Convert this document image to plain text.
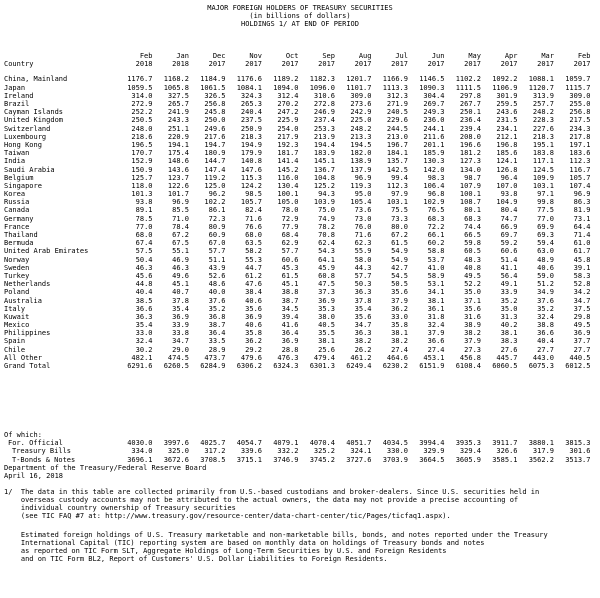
MAJOR FOREIGN HOLDERS OF TREASURY SECURITIES
(in billions of dollars)
HOLDINGS 1/ AT END OF PERIOD
	Feb	Jan	Dec	Nov	Oct	Sep	Aug	Jul	Jun	May	Apr	Mar	Feb
Country	2018	2018	2017	2017	2017	2017	2017	2017	2017	2017	2017	2017	2017

China, Mainland	1176.7	1168.2	1184.9	1176.6	1189.2	1182.3	1201.7	1166.9	1146.5	1102.2	1092.2	1088.1	1059.7
Japan	1059.5	1065.8	1061.5	1084.1	1094.0	1096.0	1101.7	1113.3	1090.3	1111.5	1106.9	1120.7	1115.7
Ireland	314.0	327.5	326.5	324.3	312.4	310.6	309.0	312.3	304.4	297.8	301.9	313.9	309.0
Brazil	272.9	265.7	256.8	265.3	270.2	272.8	273.6	271.9	269.7	267.7	259.5	257.7	255.0
Cayman Islands	252.2	241.9	245.8	240.4	247.2	246.9	242.9	240.5	249.3	250.1	243.6	248.2	256.8
United Kingdom	250.5	243.3	250.0	237.5	225.9	237.4	225.0	229.6	236.0	236.4	231.5	228.3	217.5
Switzerland	248.0	251.1	249.6	250.9	254.0	253.3	248.2	244.5	244.1	239.4	234.1	227.6	234.3
Luxembourg	218.6	220.9	217.6	218.3	217.9	213.9	213.3	213.0	211.6	208.0	212.1	218.3	217.8
Hong Kong	196.5	194.1	194.7	194.9	192.3	194.4	194.5	196.7	201.1	196.6	196.8	195.1	197.1
Taiwan	170.7	175.4	180.9	179.9	181.7	183.9	182.0	184.1	185.9	181.2	185.6	183.8	183.6
India	152.9	148.6	144.7	140.8	141.4	145.1	138.9	135.7	130.3	127.3	124.1	117.1	112.3
Saudi Arabia	150.9	143.6	147.4	147.6	145.2	136.7	137.9	142.5	142.0	134.0	126.8	124.5	116.7
Belgium	125.7	123.7	119.2	115.3	116.0	104.8	96.9	99.4	98.3	98.7	96.4	109.9	105.7
Singapore	118.0	122.6	125.0	124.2	130.4	125.2	119.3	112.3	106.4	107.9	107.0	103.1	107.4
Korea	101.3	101.7	96.2	98.5	100.1	94.3	95.0	97.9	96.8	100.1	93.8	97.1	96.9
Russia	93.8	96.9	102.2	105.7	105.0	103.9	105.4	103.1	102.9	108.7	104.9	99.8	86.3
Canada	89.1	85.5	86.1	82.4	78.0	75.0	73.6	75.5	76.5	80.1	80.4	77.5	81.9
Germany	78.5	71.0	72.3	71.6	72.9	74.9	73.0	73.3	68.3	68.3	74.7	77.0	73.1
France	77.0	78.4	80.9	76.6	77.9	78.2	76.0	80.0	72.2	74.4	66.9	69.9	64.4
Thailand	68.0	67.2	60.9	68.0	68.4	70.8	71.6	67.2	66.1	66.5	69.7	69.3	71.4
Bermuda	67.4	67.5	67.0	63.5	62.9	62.4	62.3	61.5	60.2	59.8	59.2	59.4	61.0
United Arab Emirates	57.5	55.1	57.7	58.2	57.7	54.3	55.9	54.9	58.8	60.5	60.6	63.0	61.7
Norway	50.4	46.9	51.1	55.3	60.6	64.1	58.0	54.9	53.7	48.3	51.4	48.9	45.8
Sweden	46.3	46.3	43.9	44.7	45.3	45.9	44.3	42.7	41.0	40.8	41.1	40.6	39.1
Turkey	45.6	49.6	52.6	61.2	61.5	60.8	57.7	54.5	58.9	49.5	56.4	59.0	58.3
Netherlands	44.8	45.1	48.6	47.6	45.1	47.5	50.3	50.5	53.1	52.2	49.1	51.2	52.8
Poland	40.4	40.7	40.0	38.4	38.8	37.3	36.3	35.6	34.1	35.0	33.9	34.9	34.2
Australia	38.5	37.8	37.6	40.6	38.7	36.9	37.8	37.9	38.1	37.1	35.2	37.6	34.7
Italy	36.6	35.4	35.2	35.6	34.5	35.3	35.4	36.2	36.1	35.6	35.0	35.2	37.5
Kuwait	36.3	36.9	36.8	36.9	39.4	38.0	35.6	33.0	31.8	31.6	31.3	32.4	29.8
Mexico	35.4	33.9	38.7	40.6	41.6	40.5	34.7	35.8	32.4	38.9	40.2	38.8	49.5
Philippines	33.0	33.8	36.4	35.8	36.4	35.5	36.3	38.1	37.9	38.2	38.1	36.6	36.9
Spain	32.4	34.7	33.5	36.2	36.9	38.1	38.2	38.2	36.6	37.9	38.3	40.4	37.7
Chile	30.2	29.0	28.9	29.2	28.8	25.6	26.2	27.4	27.4	27.3	27.6	27.7	27.7
All Other	482.1	474.5	473.7	479.6	476.3	479.4	461.2	464.6	453.1	456.8	445.7	443.0	440.5
Grand Total	6291.6	6260.5	6284.9	6306.2	6324.3	6301.3	6249.4	6230.2	6151.9	6108.4	6060.5	6075.3	6012.5
Of which:													
For. Official	4030.0	3997.6	4025.7	4054.7	4079.1	4070.4	4051.7	4034.5	3994.4	3935.3	3911.7	3880.1	3815.3
Treasury Bills	334.0	325.0	317.2	339.6	332.2	325.2	324.1	330.0	329.9	329.4	326.6	317.9	301.6
T-Bonds & Notes	3696.1	3672.6	3708.5	3715.1	3746.9	3745.2	3727.6	3703.9	3664.5	3605.9	3585.1	3562.2	3513.7
Department of the Treasury/Federal Reserve Board
April 16, 2018
1/  The data in this table are collected primarily from U.S.-based custodians and broker-dealers. Since U.S. securities held in
overseas custody accounts may not be attributed to the actual owners, the data may not provide a precise accounting of
individual country ownership of Treasury securities
(see TIC FAQ #7 at: http://www.treasury.gov/resource-center/data-chart-center/tic/Pages/ticfaq1.aspx).
Estimated foreign holdings of U.S. Treasury marketable and non-marketable bills, bonds, and notes reported under the Treasury
International Capital (TIC) reporting system are based on monthly data on holdings of Treasury bonds and notes
as reported on TIC Form SLT, Aggregate Holdings of Long-Term Securities by U.S. and Foreign Residents
and on TIC Form BL2, Report of Customers' U.S. Dollar Liabilities to Foreign Residents.
